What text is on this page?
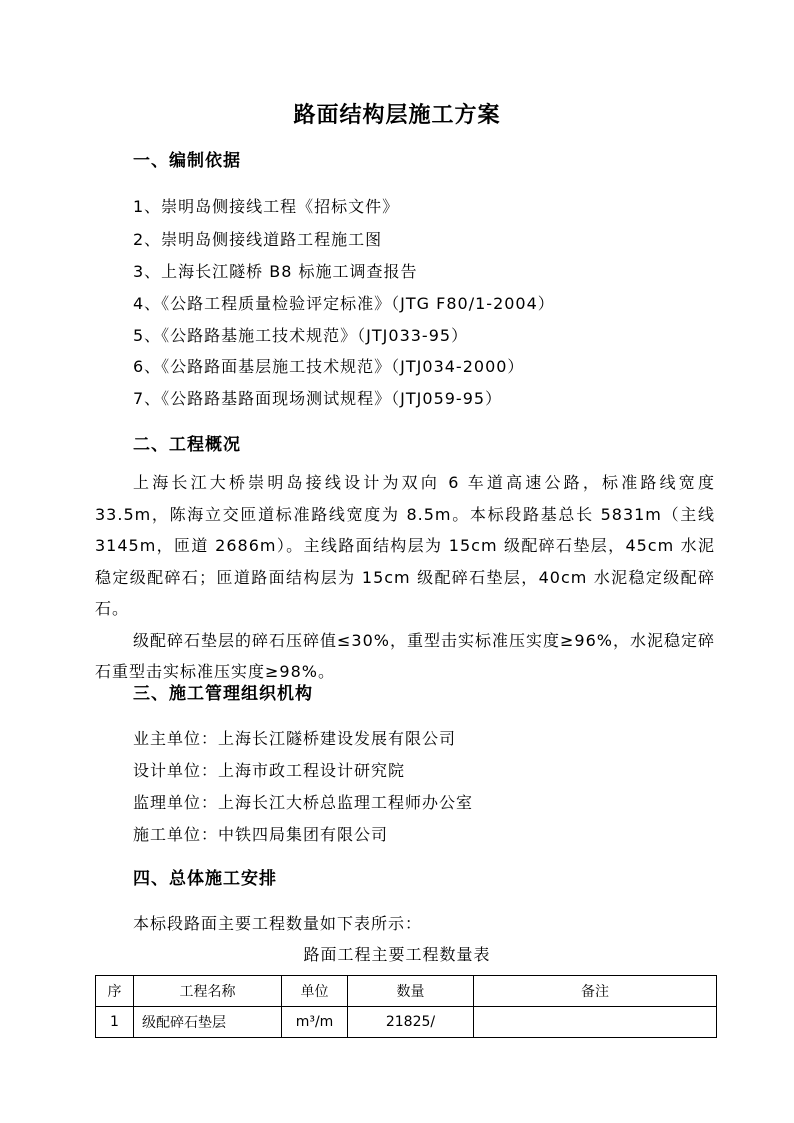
路面结构层施工方案
一、编制依据
1、崇明岛侧接线工程《招标文件》
2、崇明岛侧接线道路工程施工图
3、上海长江隧桥 B8 标施工调查报告
4、《公路工程质量检验评定标准》（JTG F80/1-2004）
5、《公路路基施工技术规范》（JTJ033-95）
6、《公路路面基层施工技术规范》（JTJ034-2000）
7、《公路路基路面现场测试规程》（JTJ059-95）
二、工程概况

上海长江大桥崇明岛接线设计为双向 6 车道高速公路，标准路线宽度 33.5m，陈海立交匝道标准路线宽度为 8.5m。本标段路基总长 5831m（主线 3145m，匝道 2686m）。主线路面结构层为 15cm 级配碎石垫层，45cm 水泥稳定级配碎石；匝道路面结构层为 15cm 级配碎石垫层，40cm 水泥稳定级配碎石。

级配碎石垫层的碎石压碎值≤30%，重型击实标准压实度≥96%，水泥稳定碎石重型击实标准压实度≥98%。

三、施工管理组织机构
业主单位：上海长江隧桥建设发展有限公司
设计单位：上海市政工程设计研究院
监理单位：上海长江大桥总监理工程师办公室
施工单位：中铁四局集团有限公司
四、总体施工安排
本标段路面主要工程数量如下表所示：
路面工程主要工程数量表
序	工程名称	单位	数量	备注
1	级配碎石垫层	m³/m	21825/	
